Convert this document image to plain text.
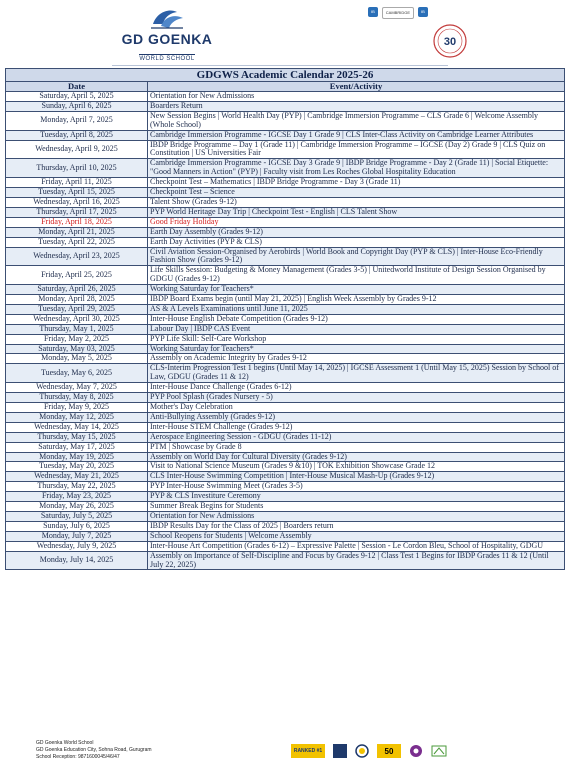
GD GOENKA
WORLD SCHOOL
IB	CAMBRIDGE	IB
30
GDGWS Academic Calendar 2025-26	
Date	Event/Activity
Saturday, April 5, 2025	Orientation for New Admissions
Sunday, April 6, 2025	Boarders Return
Monday, April 7, 2025	New Session Begins | World Health Day (PYP) | Cambridge Immersion Programme – CLS Grade 6 | Welcome Assembly (Whole School)
Tuesday, April 8, 2025	Cambridge Immersion Programme - IGCSE Day 1 Grade 9 | CLS Inter-Class Activity on Cambridge Learner Attributes
Wednesday, April 9, 2025	IBDP Bridge Programme – Day 1 (Grade 11) | Cambridge Immersion Programme – IGCSE (Day 2) Grade 9 | CLS Quiz on Constitution | US Universities Fair
Thursday, April 10, 2025	Cambridge Immersion Programme - IGCSE Day 3 Grade 9 | IBDP Bridge Programme - Day 2 (Grade 11) | Social Etiquette: "Good Manners in Action" (PYP) | Faculty visit from Les Roches Global Hospitality Education
Friday, April 11, 2025	Checkpoint Test – Mathematics | IBDP Bridge Programme - Day 3 (Grade 11)
Tuesday, April 15, 2025	Checkpoint Test – Science
Wednesday, April 16, 2025	Talent Show (Grades 9-12)
Thursday, April 17, 2025	PYP World Heritage Day Trip | Checkpoint Test - English | CLS Talent Show
Friday, April 18, 2025	Good Friday Holiday
Monday, April 21, 2025	Earth Day Assembly (Grades 9-12)
Tuesday, April 22, 2025	Earth Day Activities (PYP & CLS)
Wednesday, April 23, 2025	Civil Aviation Session-Organised by Aerobirds | World Book and Copyright Day (PYP & CLS) | Inter-House Eco-Friendly Fashion Show (Grades 9-12)
Friday, April 25, 2025	Life Skills Session: Budgeting & Money Management (Grades 3-5) | Unitedworld Institute of Design Session Organised by GDGU (Grades 9-12)
Saturday, April 26, 2025	Working Saturday for Teachers*
Monday, April 28, 2025	IBDP Board Exams begin (until May 21, 2025) | English Week Assembly by Grades 9-12
Tuesday, April 29, 2025	AS & A Levels Examinations until June 11, 2025
Wednesday, April 30, 2025	Inter-House English Debate Competition (Grades 9-12)
Thursday, May 1, 2025	Labour Day | IBDP CAS Event
Friday, May 2, 2025	PYP Life Skill: Self-Care Workshop
Saturday, May 03, 2025	Working Saturday for Teachers*
Monday, May 5, 2025	Assembly on Academic Integrity by Grades 9-12
Tuesday, May 6, 2025	CLS-Interim Progression Test 1 begins (Until May 14, 2025) | IGCSE Assessment 1 (Until May 15, 2025) Session by School of Law, GDGU (Grades 11 & 12)
Wednesday, May 7, 2025	Inter-House Dance Challenge (Grades 6-12)
Thursday, May 8, 2025	PYP Pool Splash (Grades Nursery - 5)
Friday, May 9, 2025	Mother's Day Celebration
Monday, May 12, 2025	Anti-Bullying Assembly (Grades 9-12)
Wednesday, May 14, 2025	Inter-House STEM Challenge (Grades 9-12)
Thursday, May 15, 2025	Aerospace Engineering Session - GDGU (Grades 11-12)
Saturday, May 17, 2025	PTM | Showcase by Grade 8
Monday, May 19, 2025	Assembly on World Day for Cultural Diversity (Grades 9-12)
Tuesday, May 20, 2025	Visit to National Science Museum (Grades 9 &10) | TOK Exhibition Showcase Grade 12
Wednesday, May 21, 2025	CLS Inter-House Swimming Competition | Inter-House Musical Mash-Up (Grades 9-12)
Thursday, May 22, 2025	PYP Inter-House Swimming Meet (Grades 3-5)
Friday, May 23, 2025	PYP & CLS Investiture Ceremony
Monday, May 26, 2025	Summer Break Begins for Students
Saturday, July 5, 2025	Orientation for New Admissions
Sunday, July 6, 2025	IBDP Results Day for the Class of 2025 | Boarders return
Monday, July 7, 2025	School Reopens for Students | Welcome Assembly
Wednesday, July 9, 2025	Inter-House Art Competition (Grades 6-12) – Expressive Palette | Session - Le Cordon Bleu, School of Hospitality, GDGU
Monday, July 14, 2025	Assembly on Importance of Self-Discipline and Focus by Grades 9-12 | Class Test 1 Begins for IBDP Grades 11 & 12 (Until July 22, 2025)
GD Goenka World School
GD Goenka Education City, Sohna Road, Gurugram
School Reception: 9871600045/46/47
RANKED #1	50
